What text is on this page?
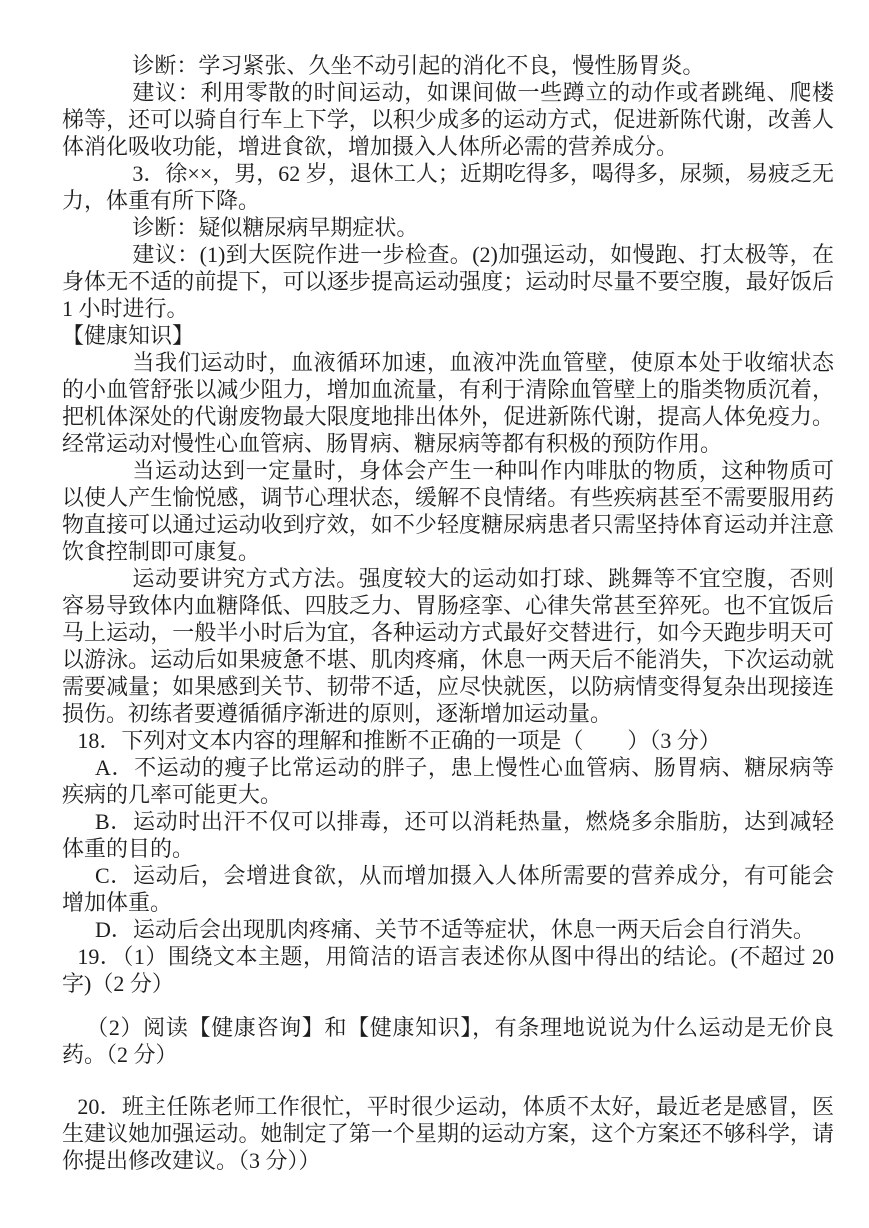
诊断：学习紧张、久坐不动引起的消化不良，慢性肠胃炎。

建议：利用零散的时间运动，如课间做一些蹲立的动作或者跳绳、爬楼梯等，还可以骑自行车上下学，以积少成多的运动方式，促进新陈代谢，改善人体消化吸收功能，增进食欲，增加摄入人体所必需的营养成分。

3．徐××，男，62 岁，退休工人；近期吃得多，喝得多，尿频，易疲乏无力，体重有所下降。

诊断：疑似糖尿病早期症状。

建议：(1)到大医院作进一步检查。(2)加强运动，如慢跑、打太极等，在身体无不适的前提下，可以逐步提高运动强度；运动时尽量不要空腹，最好饭后 1 小时进行。

【健康知识】

当我们运动时，血液循环加速，血液冲洗血管壁，使原本处于收缩状态的小血管舒张以减少阻力，增加血流量，有利于清除血管壁上的脂类物质沉着，把机体深处的代谢废物最大限度地排出体外，促进新陈代谢，提高人体免疫力。经常运动对慢性心血管病、肠胃病、糖尿病等都有积极的预防作用。

当运动达到一定量时，身体会产生一种叫作内啡肽的物质，这种物质可以使人产生愉悦感，调节心理状态，缓解不良情绪。有些疾病甚至不需要服用药物直接可以通过运动收到疗效，如不少轻度糖尿病患者只需坚持体育运动并注意饮食控制即可康复。

运动要讲究方式方法。强度较大的运动如打球、跳舞等不宜空腹，否则容易导致体内血糖降低、四肢乏力、胃肠痉挛、心律失常甚至猝死。也不宜饭后马上运动，一般半小时后为宜，各种运动方式最好交替进行，如今天跑步明天可以游泳。运动后如果疲惫不堪、肌肉疼痛，休息一两天后不能消失，下次运动就需要减量；如果感到关节、韧带不适，应尽快就医，以防病情变得复杂出现接连损伤。初练者要遵循循序渐进的原则，逐渐增加运动量。

18．下列对文本内容的理解和推断不正确的一项是（　　）（3 分）

A．不运动的瘦子比常运动的胖子，患上慢性心血管病、肠胃病、糖尿病等疾病的几率可能更大。

B．运动时出汗不仅可以排毒，还可以消耗热量，燃烧多余脂肪，达到减轻体重的目的。

C．运动后，会增进食欲，从而增加摄入人体所需要的营养成分，有可能会增加体重。

D．运动后会出现肌肉疼痛、关节不适等症状，休息一两天后会自行消失。

19．（1）围绕文本主题，用简洁的语言表述你从图中得出的结论。(不超过 20 字)（2 分）

（2）阅读【健康咨询】和【健康知识】，有条理地说说为什么运动是无价良药。（2 分）

20．班主任陈老师工作很忙，平时很少运动，体质不太好，最近老是感冒，医生建议她加强运动。她制定了第一个星期的运动方案，这个方案还不够科学，请你提出修改建议。（3 分））
